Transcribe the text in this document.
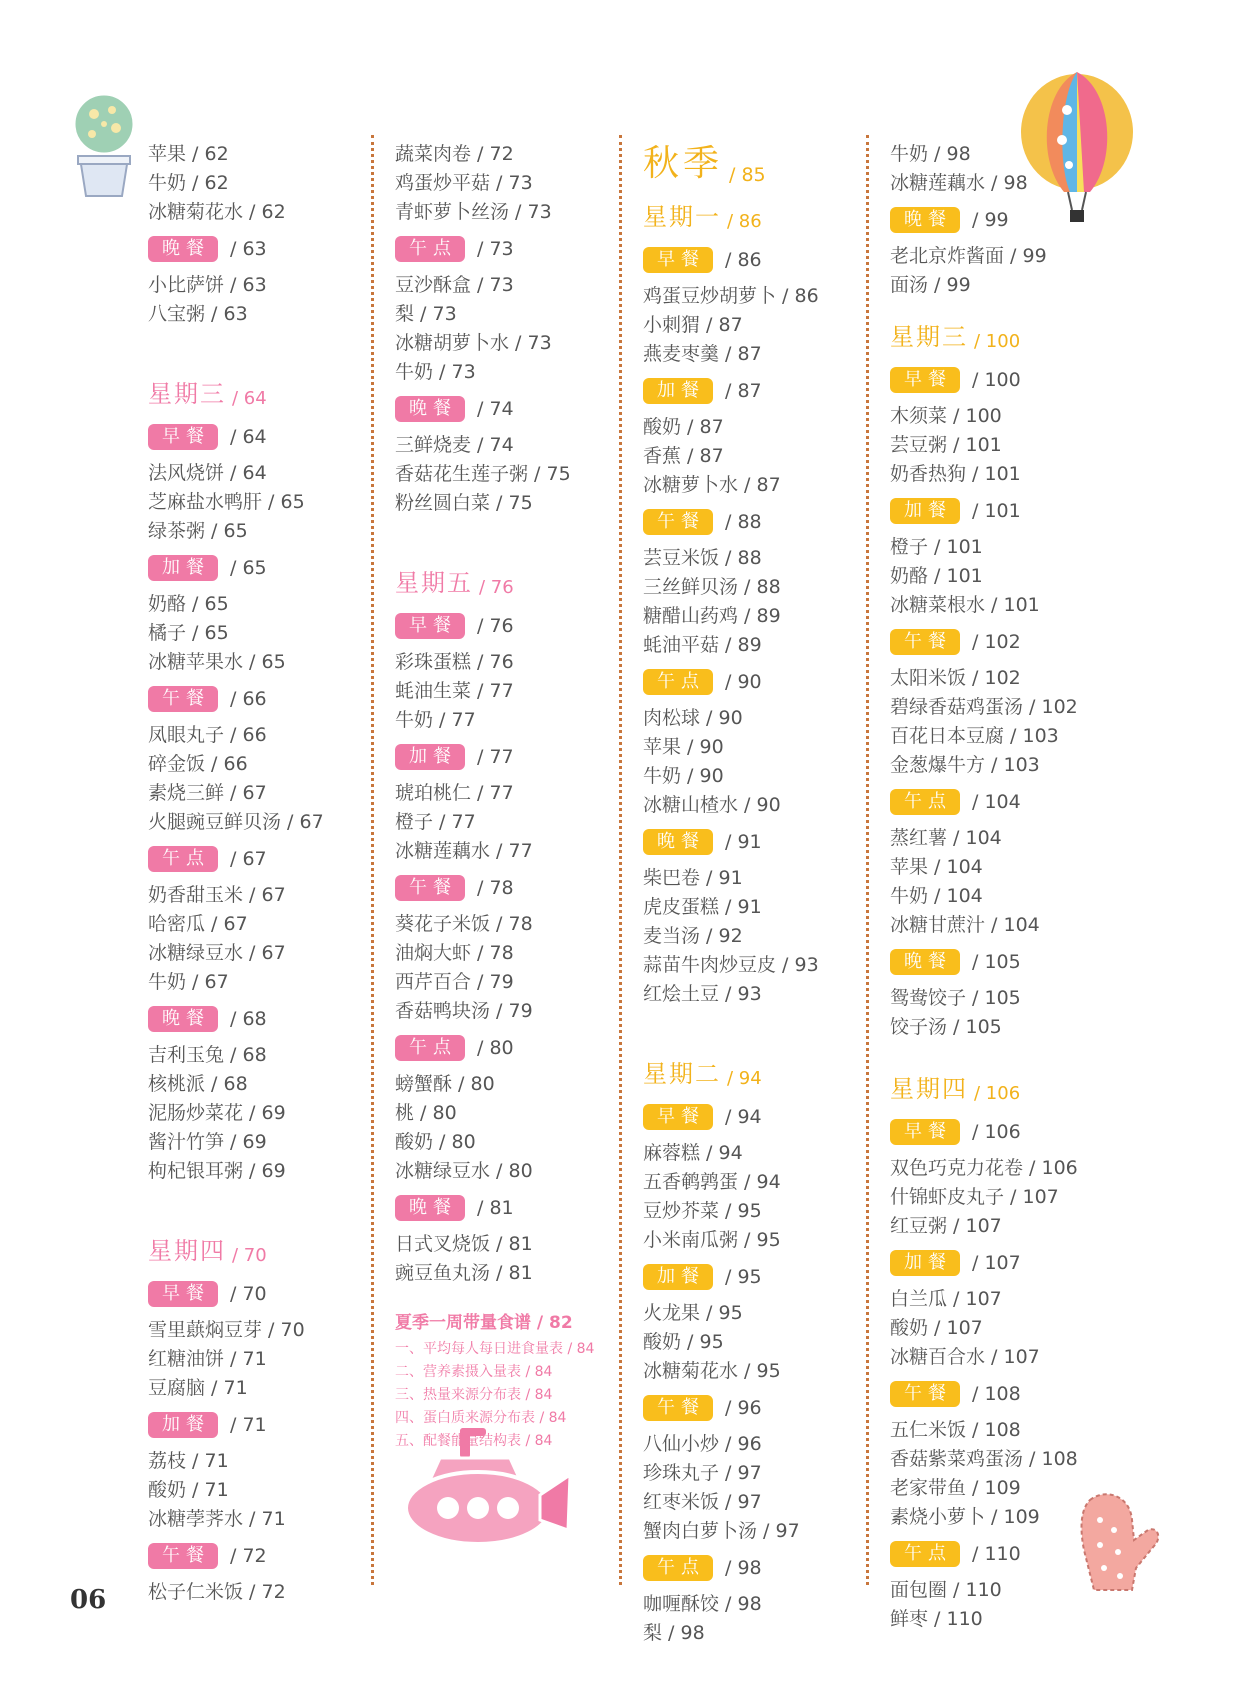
苹果 / 62
牛奶 / 62
冰糖菊花水 / 62
晚餐	/ 63
小比萨饼 / 63
八宝粥 / 63
星期三 / 64
早餐	/ 64
法风烧饼 / 64
芝麻盐水鸭肝 / 65
绿茶粥 / 65
加餐	/ 65
奶酪 / 65
橘子 / 65
冰糖苹果水 / 65
午餐	/ 66
凤眼丸子 / 66
碎金饭 / 66
素烧三鲜 / 67
火腿豌豆鲜贝汤 / 67
午点	/ 67
奶香甜玉米 / 67
哈密瓜 / 67
冰糖绿豆水 / 67
牛奶 / 67
晚餐	/ 68
吉利玉兔 / 68
核桃派 / 68
泥肠炒菜花 / 69
酱汁竹笋 / 69
枸杞银耳粥 / 69
星期四 / 70
早餐	/ 70
雪里蕻焖豆芽 / 70
红糖油饼 / 71
豆腐脑 / 71
加餐	/ 71
荔枝 / 71
酸奶 / 71
冰糖荸荠水 / 71
午餐	/ 72
松子仁米饭 / 72
蔬菜肉卷 / 72
鸡蛋炒平菇 / 73
青虾萝卜丝汤 / 73
午点	/ 73
豆沙酥盒 / 73
梨 / 73
冰糖胡萝卜水 / 73
牛奶 / 73
晚餐	/ 74
三鲜烧麦 / 74
香菇花生莲子粥 / 75
粉丝圆白菜 / 75
星期五 / 76
早餐	/ 76
彩珠蛋糕 / 76
蚝油生菜 / 77
牛奶 / 77
加餐	/ 77
琥珀桃仁 / 77
橙子 / 77
冰糖莲藕水 / 77
午餐	/ 78
葵花子米饭 / 78
油焖大虾 / 78
西芹百合 / 79
香菇鸭块汤 / 79
午点	/ 80
螃蟹酥 / 80
桃 / 80
酸奶 / 80
冰糖绿豆水 / 80
晚餐	/ 81
日式叉烧饭 / 81
豌豆鱼丸汤 / 81
夏季一周带量食谱 / 82
一、平均每人每日进食量表 / 84
二、营养素摄入量表 / 84
三、热量来源分布表 / 84
四、蛋白质来源分布表 / 84
五、配餐能量结构表 / 84
秋季 / 85
星期一 / 86
早餐	/ 86
鸡蛋豆炒胡萝卜 / 86
小刺猬 / 87
燕麦枣羹 / 87
加餐	/ 87
酸奶 / 87
香蕉 / 87
冰糖萝卜水 / 87
午餐	/ 88
芸豆米饭 / 88
三丝鲜贝汤 / 88
糖醋山药鸡 / 89
蚝油平菇 / 89
午点	/ 90
肉松球 / 90
苹果 / 90
牛奶 / 90
冰糖山楂水 / 90
晚餐	/ 91
柴巴卷 / 91
虎皮蛋糕 / 91
麦当汤 / 92
蒜苗牛肉炒豆皮 / 93
红烩土豆 / 93
星期二 / 94
早餐	/ 94
麻蓉糕 / 94
五香鹌鹑蛋 / 94
豆炒芥菜 / 95
小米南瓜粥 / 95
加餐	/ 95
火龙果 / 95
酸奶 / 95
冰糖菊花水 / 95
午餐	/ 96
八仙小炒 / 96
珍珠丸子 / 97
红枣米饭 / 97
蟹肉白萝卜汤 / 97
午点	/ 98
咖喱酥饺 / 98
梨 / 98
牛奶 / 98
冰糖莲藕水 / 98
晚餐	/ 99
老北京炸酱面 / 99
面汤 / 99
星期三 / 100
早餐	/ 100
木须菜 / 100
芸豆粥 / 101
奶香热狗 / 101
加餐	/ 101
橙子 / 101
奶酪 / 101
冰糖菜根水 / 101
午餐	/ 102
太阳米饭 / 102
碧绿香菇鸡蛋汤 / 102
百花日本豆腐 / 103
金葱爆牛方 / 103
午点	/ 104
蒸红薯 / 104
苹果 / 104
牛奶 / 104
冰糖甘蔗汁 / 104
晚餐	/ 105
鸳鸯饺子 / 105
饺子汤 / 105
星期四 / 106
早餐	/ 106
双色巧克力花卷 / 106
什锦虾皮丸子 / 107
红豆粥 / 107
加餐	/ 107
白兰瓜 / 107
酸奶 / 107
冰糖百合水 / 107
午餐	/ 108
五仁米饭 / 108
香菇紫菜鸡蛋汤 / 108
老家带鱼 / 109
素烧小萝卜 / 109
午点	/ 110
面包圈 / 110
鲜枣 / 110
06
